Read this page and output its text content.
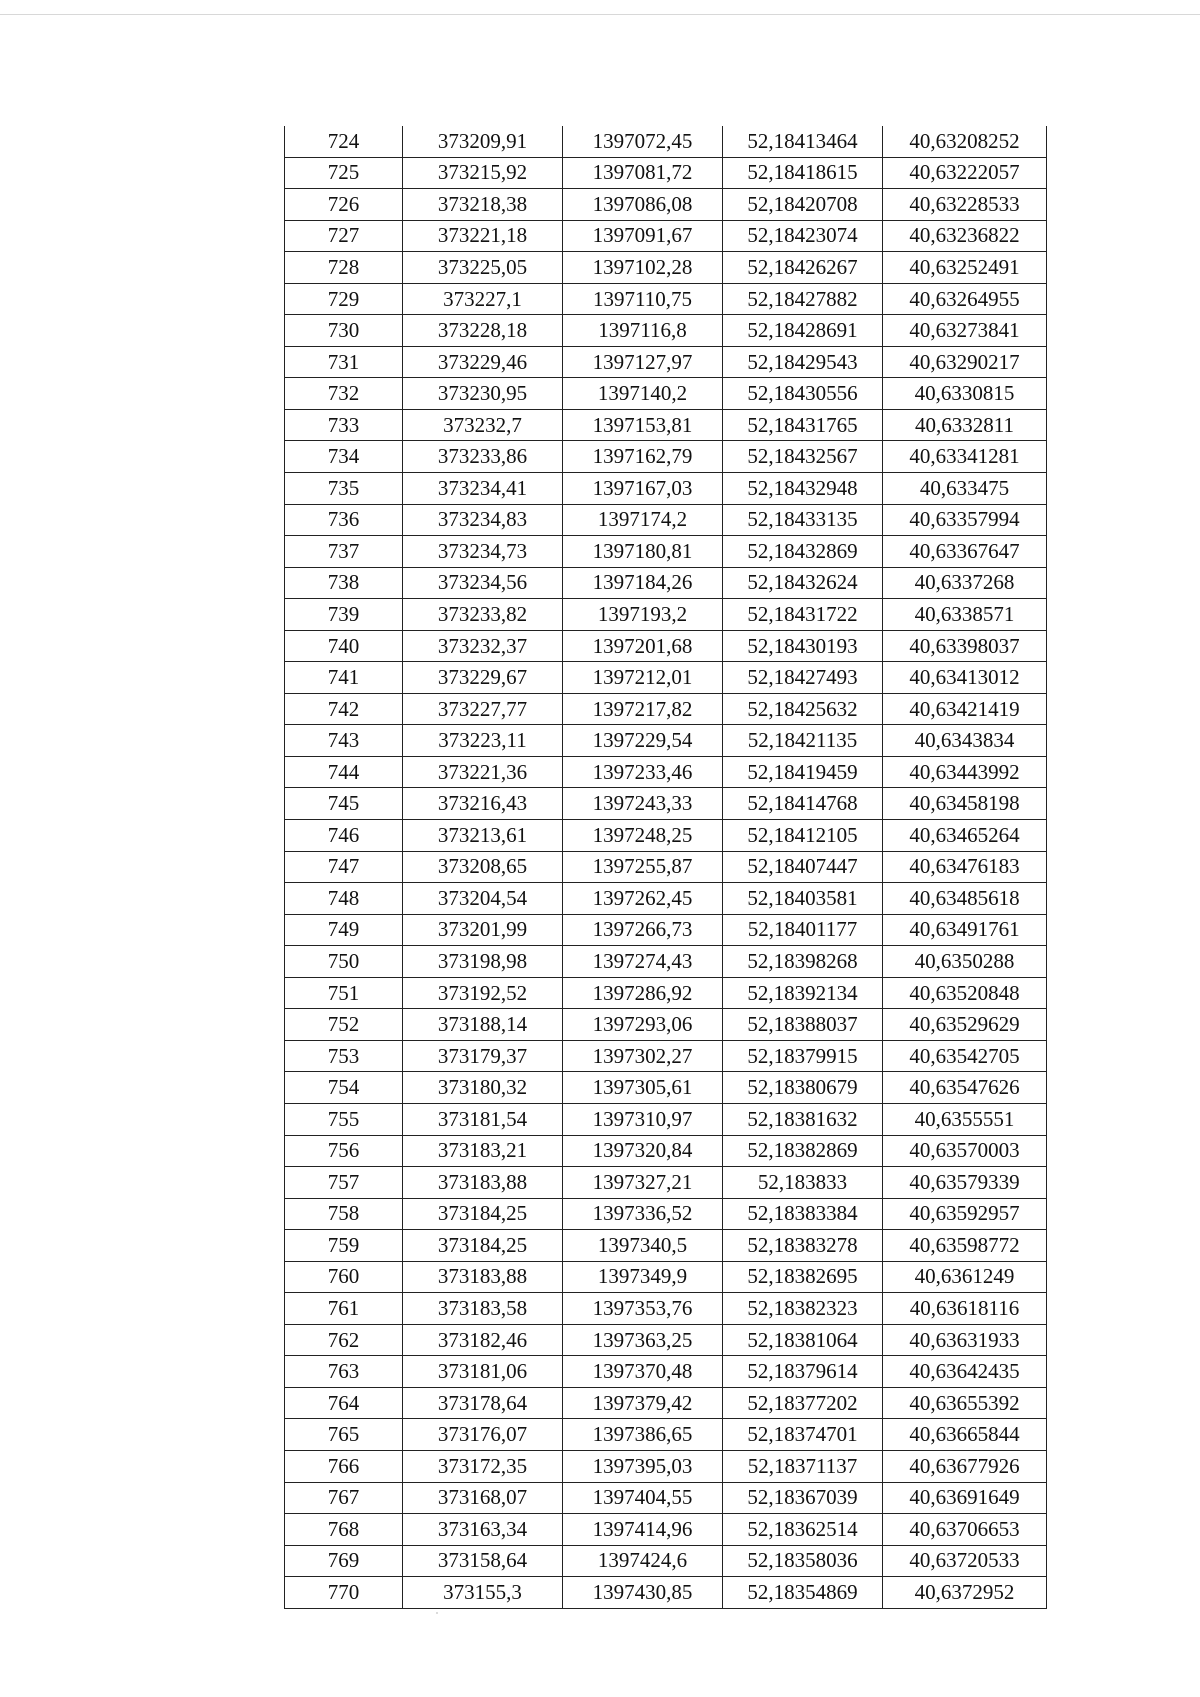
724	373209,91	1397072,45	52,18413464	40,63208252
725	373215,92	1397081,72	52,18418615	40,63222057
726	373218,38	1397086,08	52,18420708	40,63228533
727	373221,18	1397091,67	52,18423074	40,63236822
728	373225,05	1397102,28	52,18426267	40,63252491
729	373227,1	1397110,75	52,18427882	40,63264955
730	373228,18	1397116,8	52,18428691	40,63273841
731	373229,46	1397127,97	52,18429543	40,63290217
732	373230,95	1397140,2	52,18430556	40,6330815
733	373232,7	1397153,81	52,18431765	40,6332811
734	373233,86	1397162,79	52,18432567	40,63341281
735	373234,41	1397167,03	52,18432948	40,633475
736	373234,83	1397174,2	52,18433135	40,63357994
737	373234,73	1397180,81	52,18432869	40,63367647
738	373234,56	1397184,26	52,18432624	40,6337268
739	373233,82	1397193,2	52,18431722	40,6338571
740	373232,37	1397201,68	52,18430193	40,63398037
741	373229,67	1397212,01	52,18427493	40,63413012
742	373227,77	1397217,82	52,18425632	40,63421419
743	373223,11	1397229,54	52,18421135	40,6343834
744	373221,36	1397233,46	52,18419459	40,63443992
745	373216,43	1397243,33	52,18414768	40,63458198
746	373213,61	1397248,25	52,18412105	40,63465264
747	373208,65	1397255,87	52,18407447	40,63476183
748	373204,54	1397262,45	52,18403581	40,63485618
749	373201,99	1397266,73	52,18401177	40,63491761
750	373198,98	1397274,43	52,18398268	40,6350288
751	373192,52	1397286,92	52,18392134	40,63520848
752	373188,14	1397293,06	52,18388037	40,63529629
753	373179,37	1397302,27	52,18379915	40,63542705
754	373180,32	1397305,61	52,18380679	40,63547626
755	373181,54	1397310,97	52,18381632	40,6355551
756	373183,21	1397320,84	52,18382869	40,63570003
757	373183,88	1397327,21	52,183833	40,63579339
758	373184,25	1397336,52	52,18383384	40,63592957
759	373184,25	1397340,5	52,18383278	40,63598772
760	373183,88	1397349,9	52,18382695	40,6361249
761	373183,58	1397353,76	52,18382323	40,63618116
762	373182,46	1397363,25	52,18381064	40,63631933
763	373181,06	1397370,48	52,18379614	40,63642435
764	373178,64	1397379,42	52,18377202	40,63655392
765	373176,07	1397386,65	52,18374701	40,63665844
766	373172,35	1397395,03	52,18371137	40,63677926
767	373168,07	1397404,55	52,18367039	40,63691649
768	373163,34	1397414,96	52,18362514	40,63706653
769	373158,64	1397424,6	52,18358036	40,63720533
770	373155,3	1397430,85	52,18354869	40,6372952
